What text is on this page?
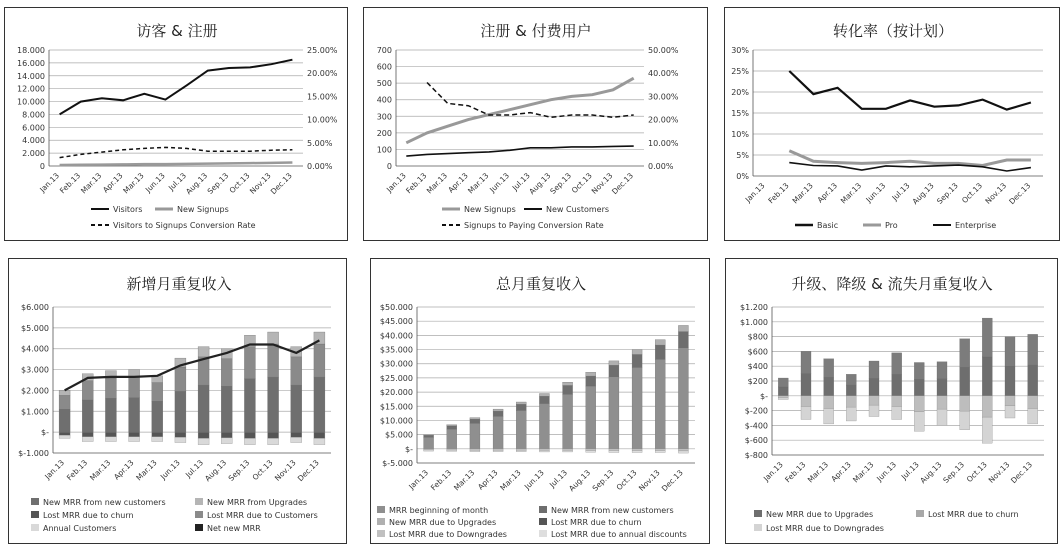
访客 & 注册
18.000
16.000
14.000
12.000
10.000
8.000
6.000
4.000
2.000
0
25.00%
20.00%
15.00%
10.00%
5.00%
0.00%
Jan.13
Feb.13
Mar.13
Apr.13
Mar.13
Jun.13 Jul.13
Aug.13
Sep.13
Oct.13
Nov.13
Dec.13
Visitors	New Signups
Visitors to Signups Conversion Rate
注册 & 付费用户
700
600
500
400
300
200
100
0
50.00%
40.00%
30.00%
20.00%
10.00%
0.00%
Jan.13
Feb.13
Mar.13
Apr.13
Mar.13
Jun.13 Jul.13
Aug.13
Sep.13
Oct.13
Nov.13
Dec.13
New Signups	New Customers
Signups to Paying Conversion Rate
转化率（按计划）
30%
25%
20%
15%
10%
5%
0%
Jan.13 Feb.13 Mar.13 Apr.13 Mar.13 Jun.13 Jul.13 Aug.13 Sep.13 Oct.13 Nov.13 Dec.13
Basic	Pro	Enterprise
新增月重复收入
$6.000
$5.000
$4.000
$3.000
$2.000
$1.000
$-
$-1.000
Jan.13
Feb.13
Mar.13 Apr.13
Mar.13 Jun.13 Jul.13
Aug.13
Sep.13 Oct.13
Nov.13
Dec.13
New MRR from new customers	New MRR from Upgrades
Lost MRR due to churn	Lost MRR due to Customers
Annual Customers	Net new MRR
总月重复收入
$50.000
$45.000
$40.000
$35.000
$30.000
$25.000
$20.000
$15.000
$10.000
$5.000
$-
$-5.000
Jan.13
Feb.13
Mar.13 Apr.13
Mar.13 Jun.13 Jul.13
Aug.13
Sep.13 Oct.13
Nov.13
Dec.13
MRR beginning of month	New MRR from new customers
New MRR due to Upgrades	Lost MRR due to churn
Lost MRR due to Downgrades	Lost MRR due to annual discounts
升级、降级 & 流失月重复收入
$1.200
$1.000
$800
$600
$400
$200
$-
$-200
$-400
$-600
$-800
Jan.13
Feb.13
Mar.13 Apr.13
Mar.13 Jun.13 Jul.13
Aug.13
Sep.13
Oct.13
Nov.13
Dec.13
New MRR due to Upgrades	Lost MRR due to churn
Lost MRR due to Downgrades
